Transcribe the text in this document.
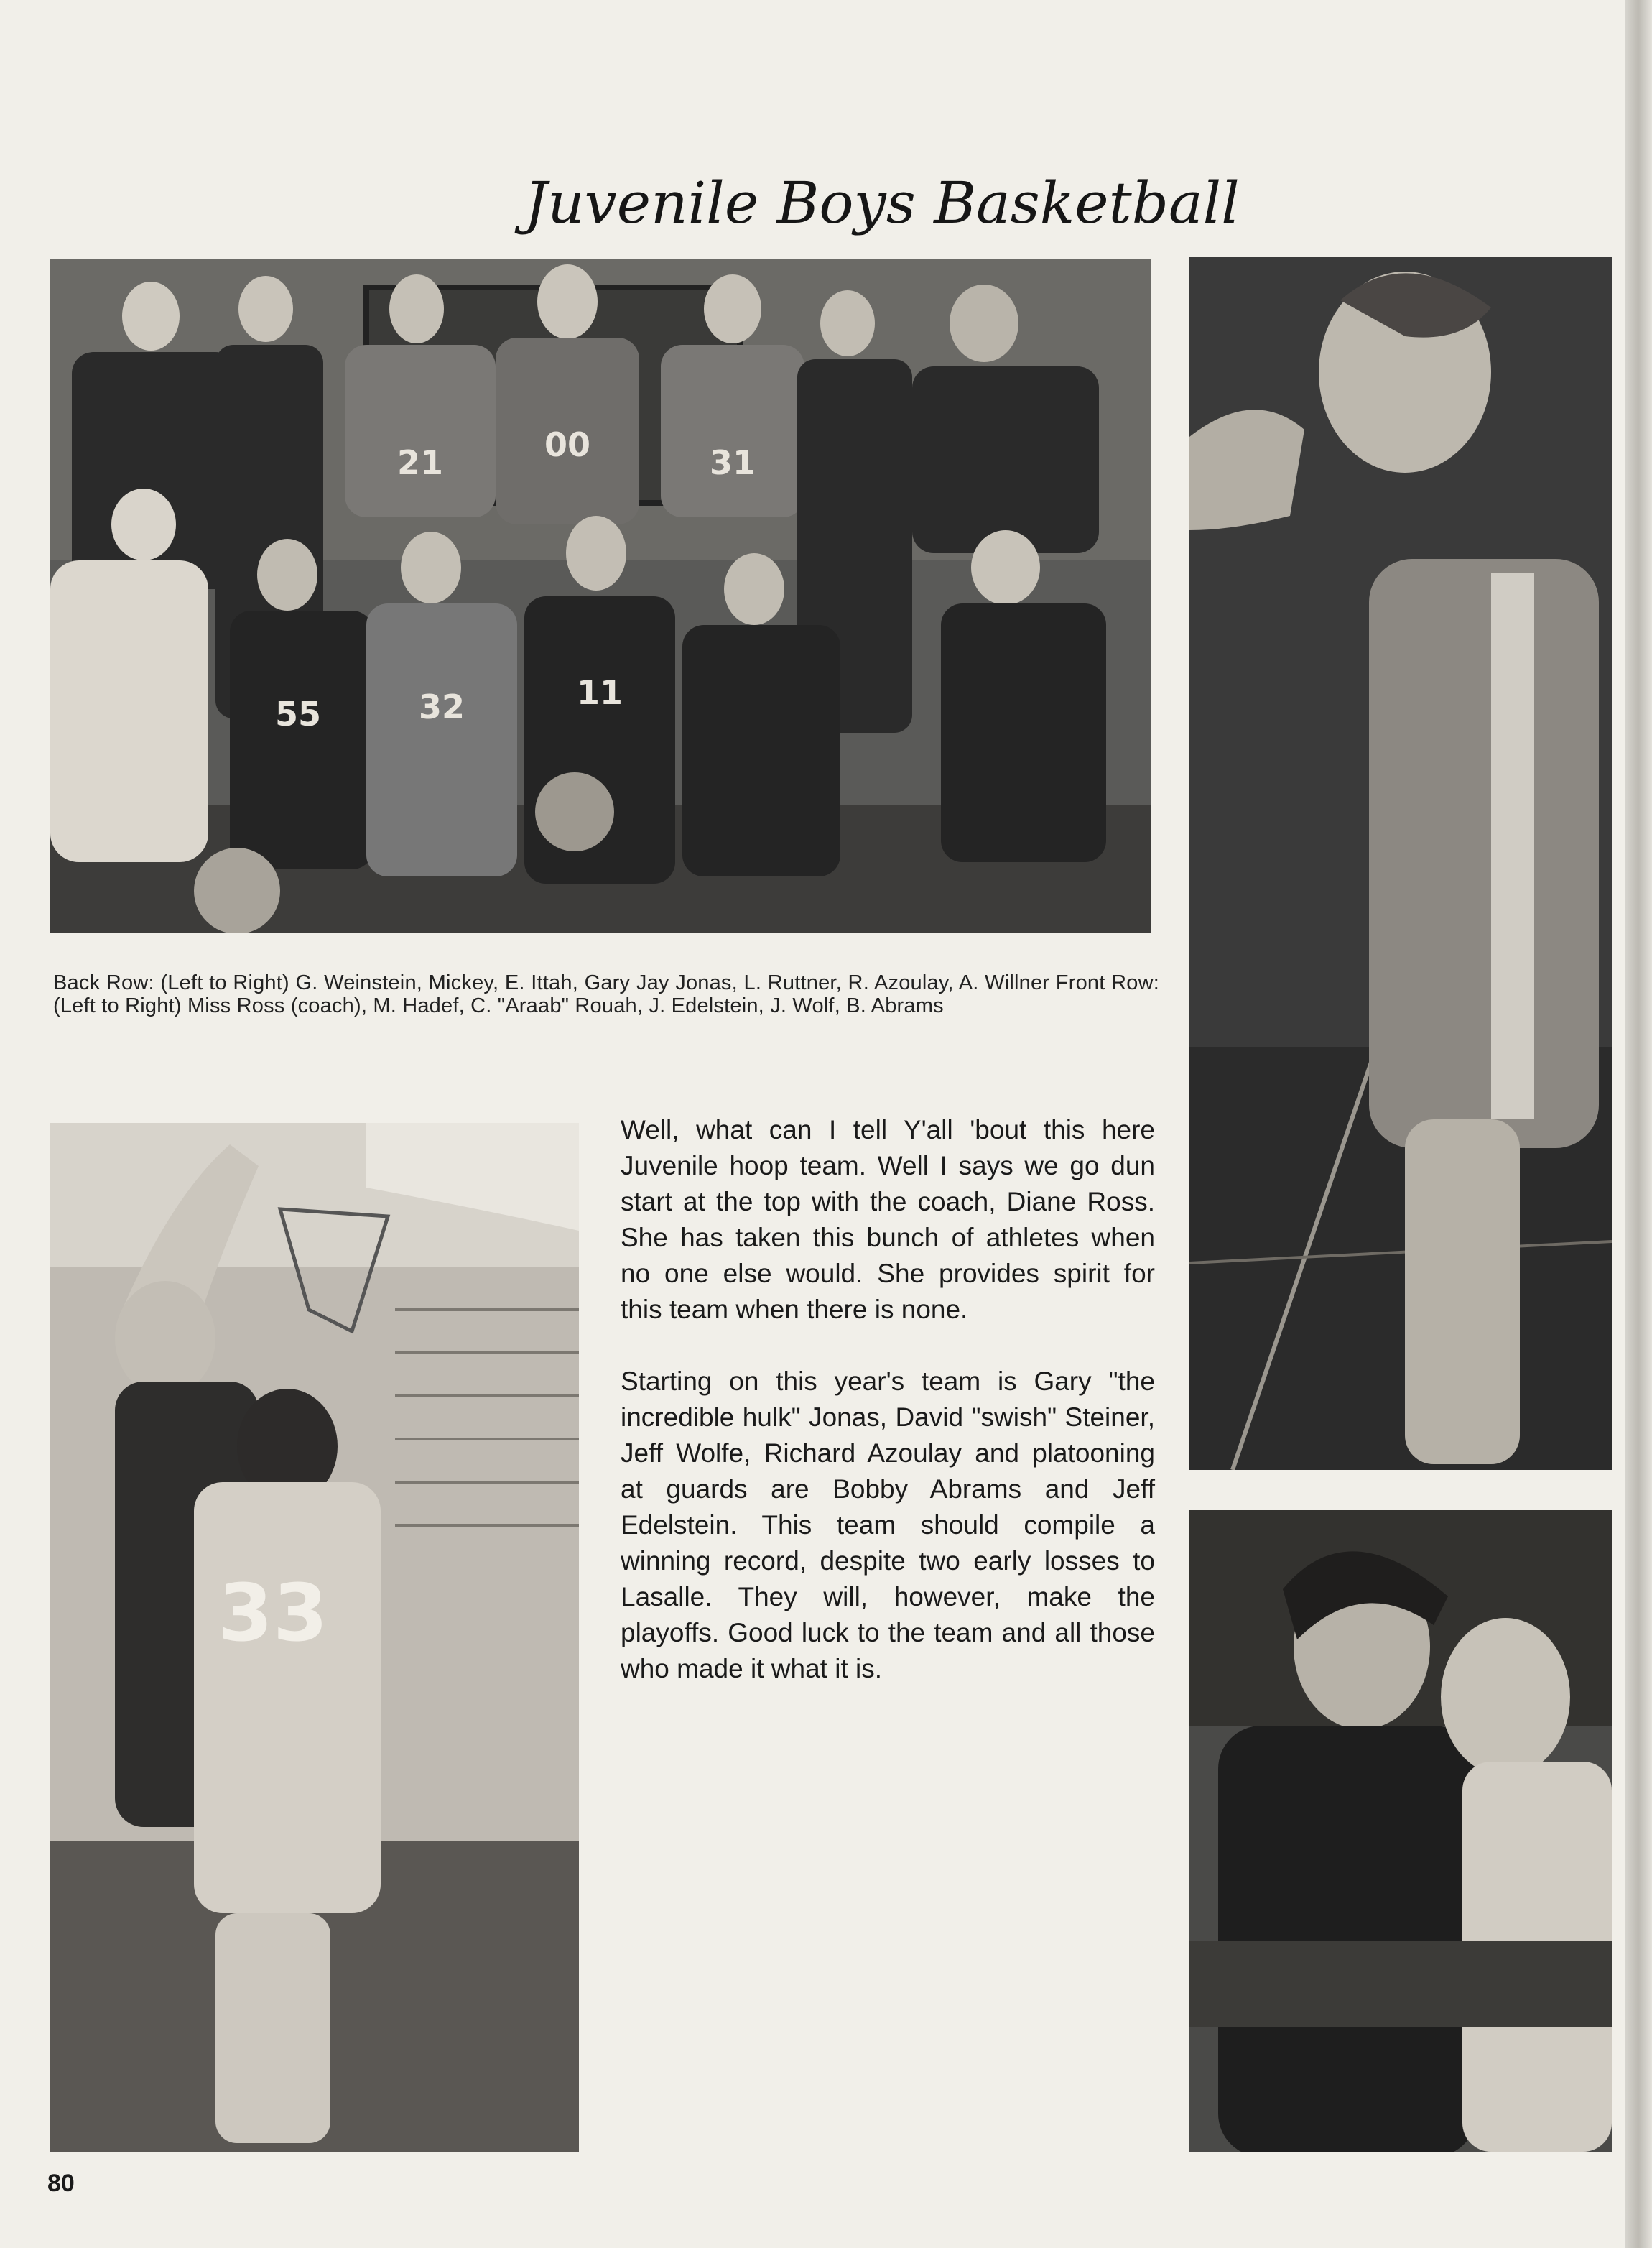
Juvenile Boys Basketball
21	00	31
55	32	11
Back Row: (Left to Right) G. Weinstein, Mickey, E. Ittah, Gary Jay Jonas, L. Ruttner, R. Azoulay, A. Willner Front Row: (Left to Right) Miss Ross (coach), M. Hadef, C. "Araab" Rouah, J. Edelstein, J. Wolf, B. Abrams
33

Well, what can I tell Y'all 'bout this here Juvenile hoop team. Well I says we go dun start at the top with the coach, Diane Ross. She has taken this bunch of athletes when no one else would. She provides spirit for this team when there is none.

Starting on this year's team is Gary "the incredible hulk" Jonas, David "swish" Steiner, Jeff Wolfe, Richard Azoulay and platooning at guards are Bobby Abrams and Jeff Edelstein. This team should compile a winning record, despite two early losses to Lasalle. They will, however, make the playoffs. Good luck to the team and all those who made it what it is.

80
